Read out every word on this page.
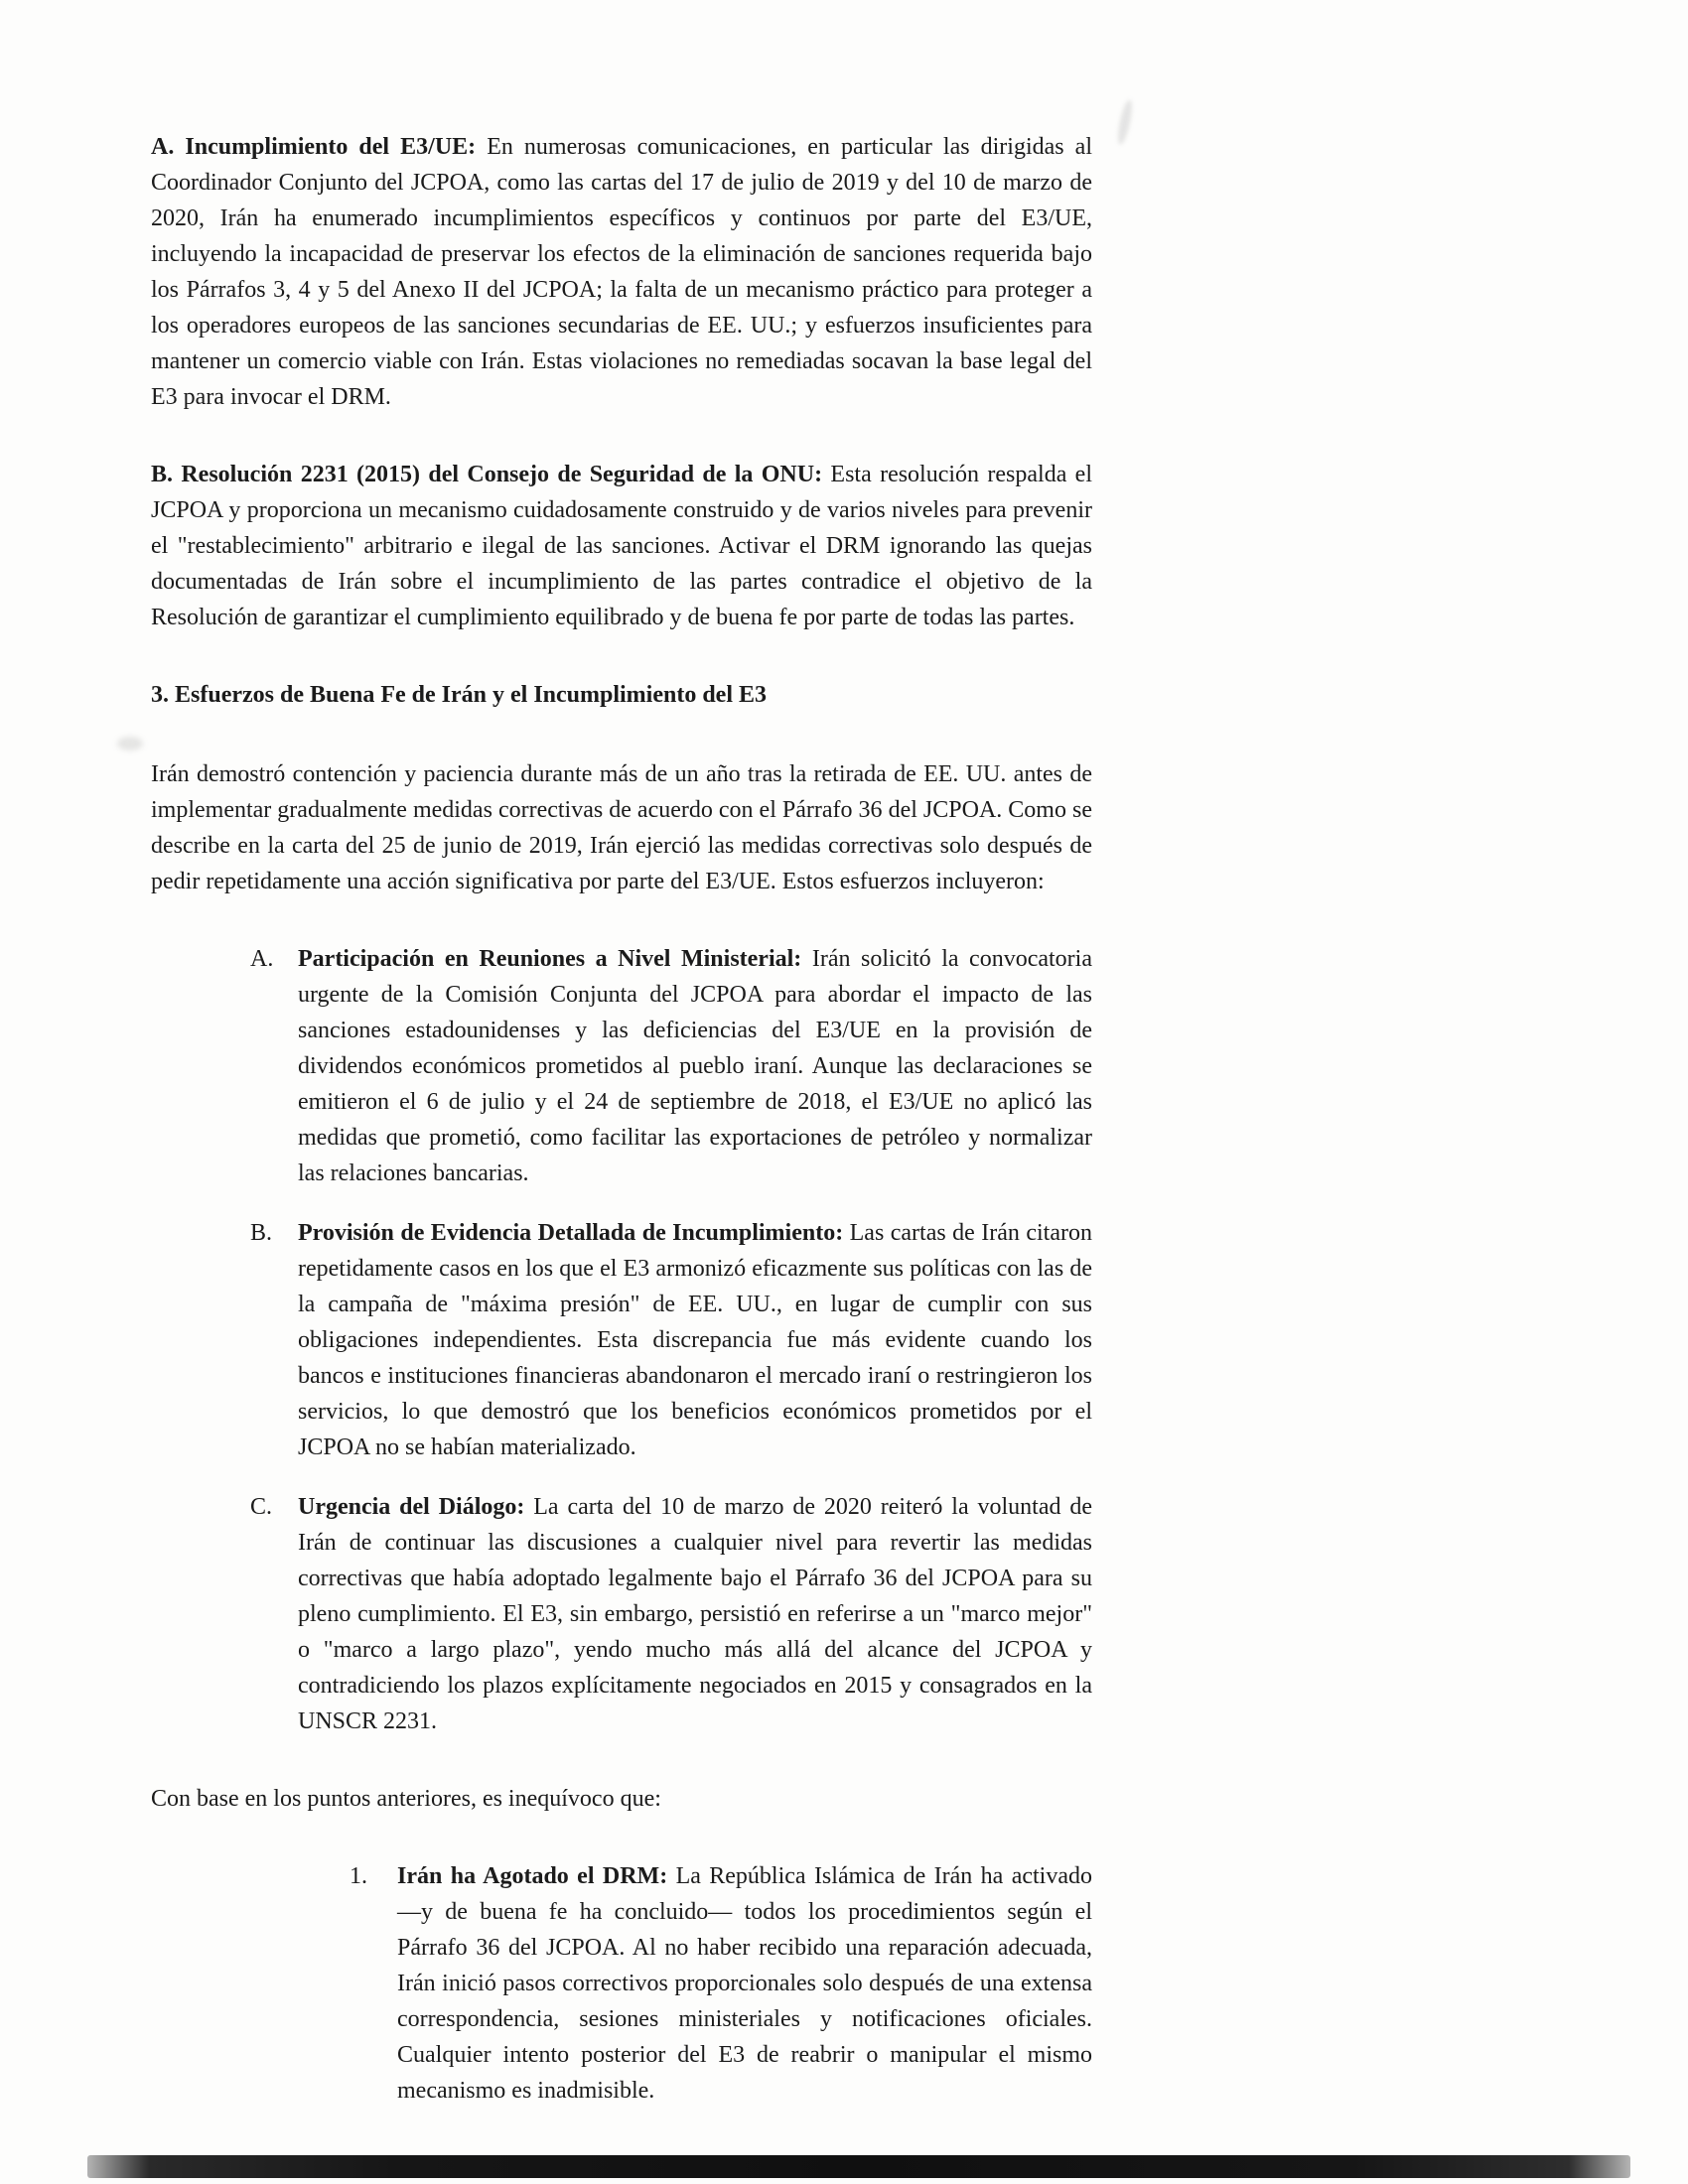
A. Incumplimiento del E3/UE: En numerosas comunicaciones, en particular las dirigidas al Coordinador Conjunto del JCPOA, como las cartas del 17 de julio de 2019 y del 10 de marzo de 2020, Irán ha enumerado incumplimientos específicos y continuos por parte del E3/UE, incluyendo la incapacidad de preservar los efectos de la eliminación de sanciones requerida bajo los Párrafos 3, 4 y 5 del Anexo II del JCPOA; la falta de un mecanismo práctico para proteger a los operadores europeos de las sanciones secundarias de EE. UU.; y esfuerzos insuficientes para mantener un comercio viable con Irán. Estas violaciones no remediadas socavan la base legal del E3 para invocar el DRM.

B. Resolución 2231 (2015) del Consejo de Seguridad de la ONU: Esta resolución respalda el JCPOA y proporciona un mecanismo cuidadosamente construido y de varios niveles para prevenir el "restablecimiento" arbitrario e ilegal de las sanciones. Activar el DRM ignorando las quejas documentadas de Irán sobre el incumplimiento de las partes contradice el objetivo de la Resolución de garantizar el cumplimiento equilibrado y de buena fe por parte de todas las partes.

3. Esfuerzos de Buena Fe de Irán y el Incumplimiento del E3

Irán demostró contención y paciencia durante más de un año tras la retirada de EE. UU. antes de implementar gradualmente medidas correctivas de acuerdo con el Párrafo 36 del JCPOA. Como se describe en la carta del 25 de junio de 2019, Irán ejerció las medidas correctivas solo después de pedir repetidamente una acción significativa por parte del E3/UE. Estos esfuerzos incluyeron:

A. Participación en Reuniones a Nivel Ministerial: Irán solicitó la convocatoria urgente de la Comisión Conjunta del JCPOA para abordar el impacto de las sanciones estadounidenses y las deficiencias del E3/UE en la provisión de dividendos económicos prometidos al pueblo iraní. Aunque las declaraciones se emitieron el 6 de julio y el 24 de septiembre de 2018, el E3/UE no aplicó las medidas que prometió, como facilitar las exportaciones de petróleo y normalizar las relaciones bancarias.

B. Provisión de Evidencia Detallada de Incumplimiento: Las cartas de Irán citaron repetidamente casos en los que el E3 armonizó eficazmente sus políticas con las de la campaña de "máxima presión" de EE. UU., en lugar de cumplir con sus obligaciones independientes. Esta discrepancia fue más evidente cuando los bancos e instituciones financieras abandonaron el mercado iraní o restringieron los servicios, lo que demostró que los beneficios económicos prometidos por el JCPOA no se habían materializado.

C. Urgencia del Diálogo: La carta del 10 de marzo de 2020 reiteró la voluntad de Irán de continuar las discusiones a cualquier nivel para revertir las medidas correctivas que había adoptado legalmente bajo el Párrafo 36 del JCPOA para su pleno cumplimiento. El E3, sin embargo, persistió en referirse a un "marco mejor" o "marco a largo plazo", yendo mucho más allá del alcance del JCPOA y contradiciendo los plazos explícitamente negociados en 2015 y consagrados en la UNSCR 2231.

Con base en los puntos anteriores, es inequívoco que:

1. Irán ha Agotado el DRM: La República Islámica de Irán ha activado —y de buena fe ha concluido— todos los procedimientos según el Párrafo 36 del JCPOA. Al no haber recibido una reparación adecuada, Irán inició pasos correctivos proporcionales solo después de una extensa correspondencia, sesiones ministeriales y notificaciones oficiales. Cualquier intento posterior del E3 de reabrir o manipular el mismo mecanismo es inadmisible.
